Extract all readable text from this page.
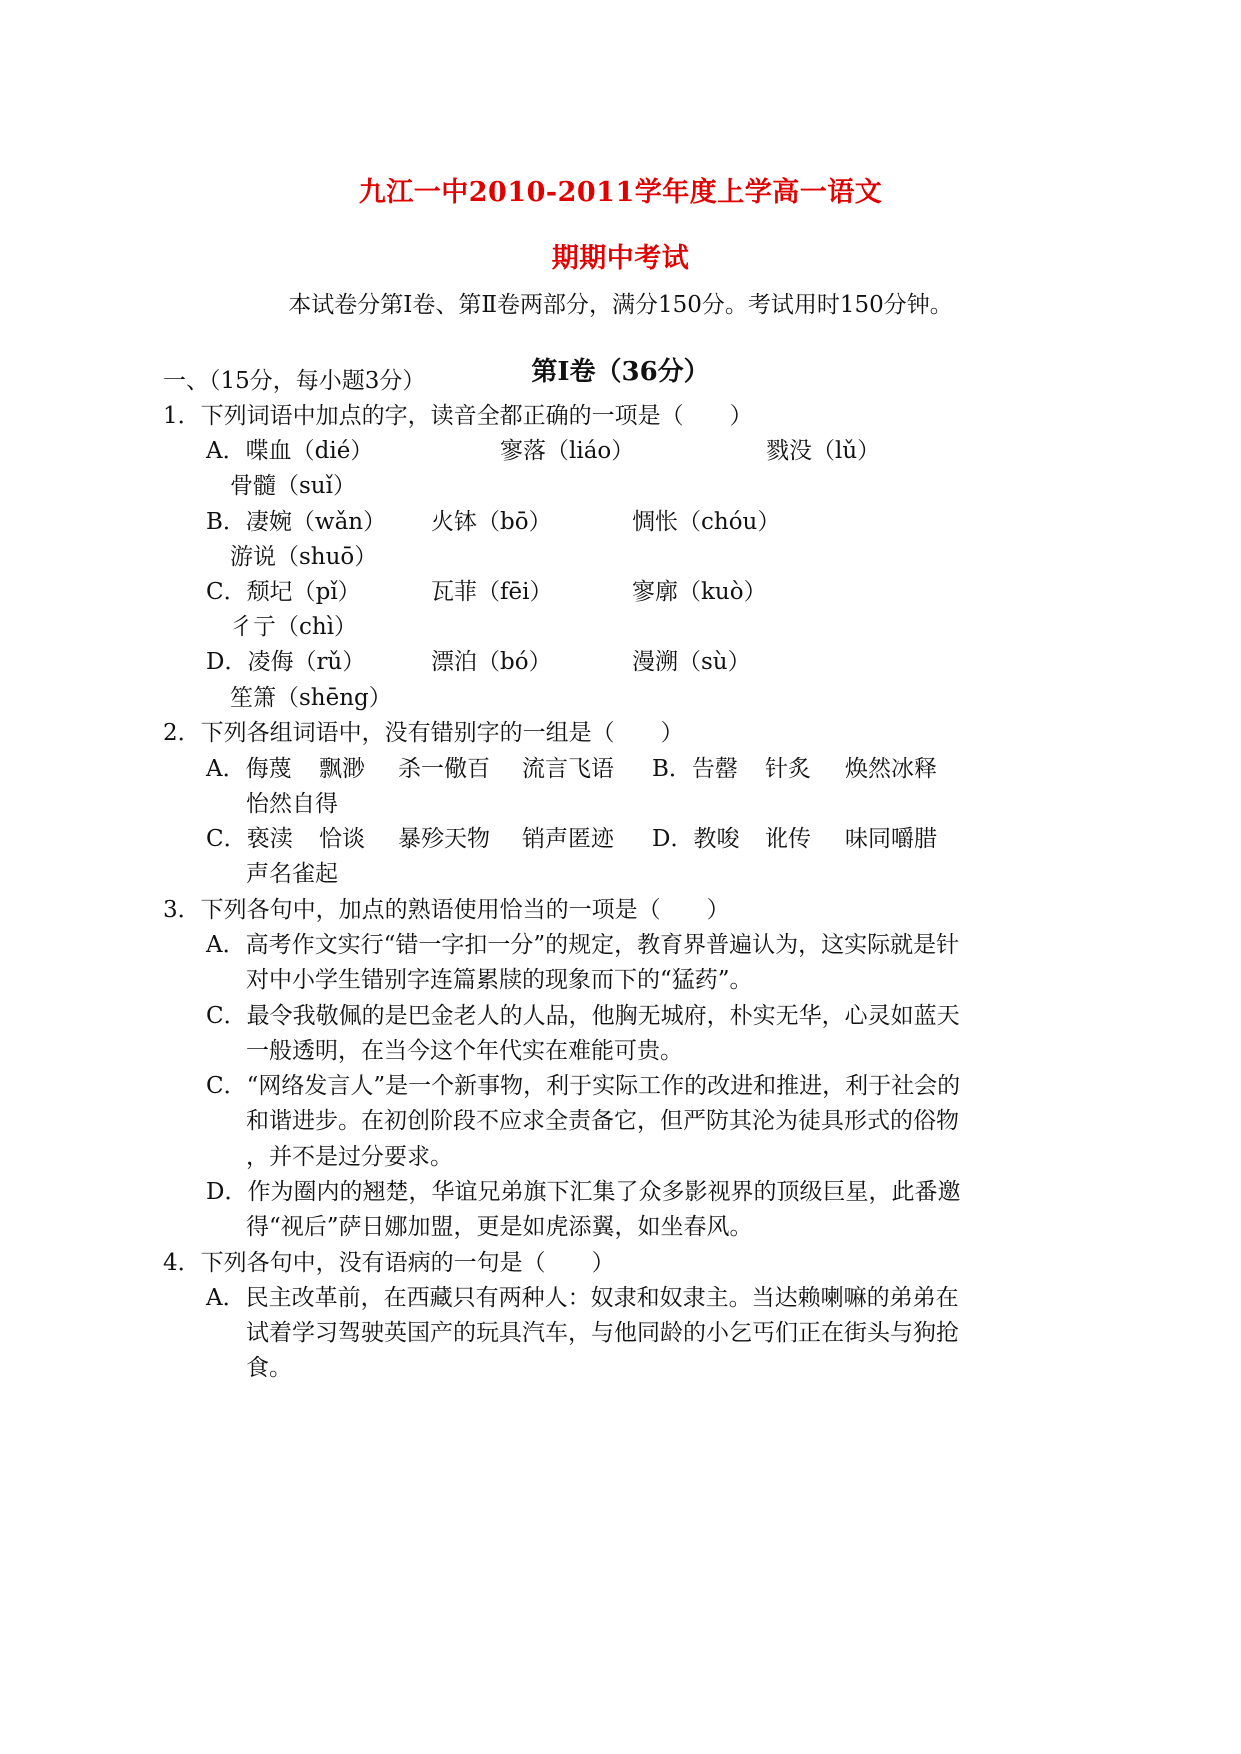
九江一中2010-2011学年度上学高一语文
期期中考试
本试卷分第Ⅰ卷、第Ⅱ卷两部分，满分150分。考试用时150分钟。
第Ⅰ卷（36分）
一、（15分，每小题3分）
1．下列词语中加点的字，读音全都正确的一项是（　　）
A．喋血（dié）	寥落（liáo）	戮没（lǔ）
骨髓（suǐ）
B．凄婉（wǎn） 火钵（bō）	惆怅（chóu）
游说（shuō）
C．颓圮（pǐ）	瓦菲（fēi）	寥廓（kuò）
彳亍（chì）
D．凌侮（rǔ）	漂泊（bó）	漫溯（sù）
笙箫（shēng）
2．下列各组词语中，没有错别字的一组是（　　）
A．侮蔑 飘渺 杀一儆百 流言飞语 B．告罄 针炙 焕然冰释
怡然自得
C．亵渎 恰谈 暴殄天物 销声匿迹 D．教唆 讹传 味同嚼腊
声名雀起
3．下列各句中，加点的熟语使用恰当的一项是（　　）
A．高考作文实行“错一字扣一分”的规定，教育界普遍认为，这实际就是针
对中小学生错别字连篇累牍的现象而下的“猛药”。
C．最令我敬佩的是巴金老人的人品，他胸无城府，朴实无华，心灵如蓝天
一般透明，在当今这个年代实在难能可贵。
C．“网络发言人”是一个新事物，利于实际工作的改进和推进，利于社会的
和谐进步。在初创阶段不应求全责备它，但严防其沦为徒具形式的俗物
，并不是过分要求。
D．作为圈内的翘楚，华谊兄弟旗下汇集了众多影视界的顶级巨星，此番邀
得“视后”萨日娜加盟，更是如虎添翼，如坐春风。
4．下列各句中，没有语病的一句是（　　）
A．民主改革前，在西藏只有两种人：奴隶和奴隶主。当达赖喇嘛的弟弟在
试着学习驾驶英国产的玩具汽车，与他同龄的小乞丐们正在街头与狗抢
食。
